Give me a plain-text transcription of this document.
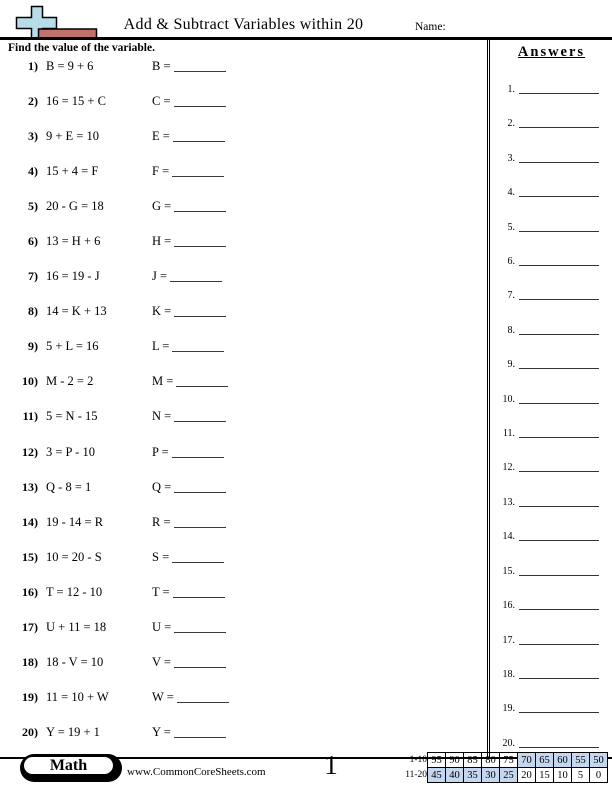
Add & Subtract Variables within 20	Name:
Find the value of the variable.
1) B = 9 + 6	B =
2) 16 = 15 + C	C =
3) 9 + E = 10	E =
4) 15 + 4 = F	F =
5) 20 - G = 18	G =
6) 13 = H + 6	H =
7) 16 = 19 - J	J =
8) 14 = K + 13	K =
9) 5 + L = 16	L =
10) M - 2 = 2	M =
11) 5 = N - 15	N =
12) 3 = P - 10	P =
13) Q - 8 = 1	Q =
14) 19 - 14 = R	R =
15) 10 = 20 - S	S =
16) T = 12 - 10	T =
17) U + 11 = 18	U =
18) 18 - V = 10	V =
19) 11 = 10 + W	W =
20) Y = 19 + 1	Y =
Answers
1.
2.
3.
4.
5.
6.
7.
8.
9.
10.
11.
12.
13.
14.
15.
16.
17.
18.
19.
20.
Math	www.CommonCoreSheets.com	1	1-10	95	90	85	80	75	70	65	60	55	50
11-20	45	40	35	30	25	20	15	10	5	0
